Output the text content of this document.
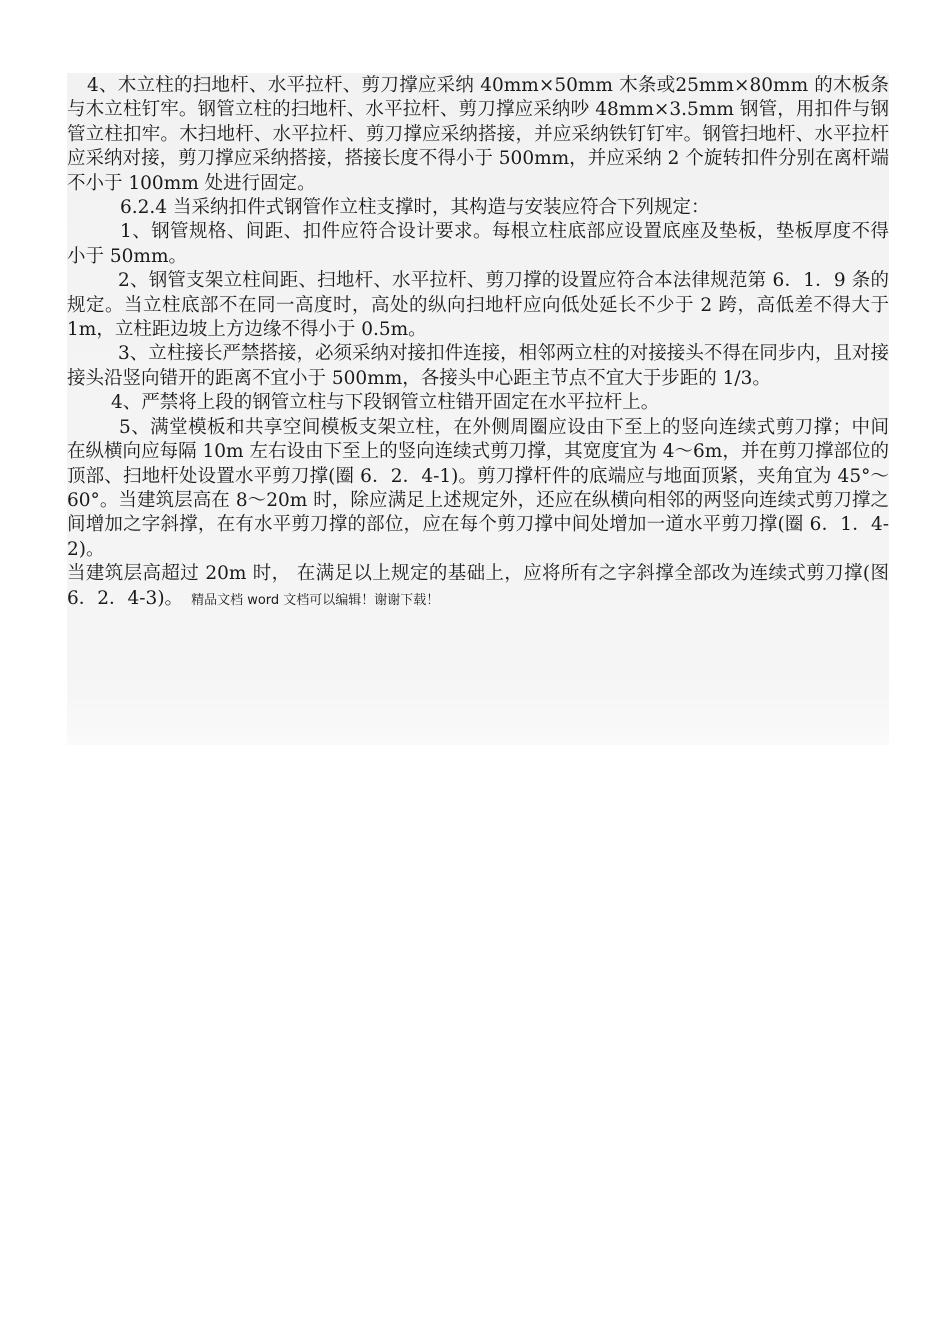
4、木立柱的扫地杆、水平拉杆、剪刀撑应采纳 40mm×50mm 木条或25mm×80mm 的木板条与木立柱钉牢。钢管立柱的扫地杆、水平拉杆、剪刀撑应采纳吵 48mm×3.5mm 钢管，用扣件与钢管立柱扣牢。木扫地杆、水平拉杆、剪刀撑应采纳搭接，并应采纳铁钉钉牢。钢管扫地杆、水平拉杆应采纳对接，剪刀撑应采纳搭接，搭接长度不得小于 500mm，并应采纳 2 个旋转扣件分别在离杆端不小于 100mm 处进行固定。

6.2.4 当采纳扣件式钢管作立柱支撑时，其构造与安装应符合下列规定：

1、钢管规格、间距、扣件应符合设计要求。每根立柱底部应设置底座及垫板，垫板厚度不得小于 50mm。

2、钢管支架立柱间距、扫地杆、水平拉杆、剪刀撑的设置应符合本法律规范第 6．1．9 条的规定。当立柱底部不在同一高度时，高处的纵向扫地杆应向低处延长不少于 2 跨，高低差不得大于 1m，立柱距边坡上方边缘不得小于 0.5m。

3、立柱接长严禁搭接，必须采纳对接扣件连接，相邻两立柱的对接接头不得在同步内，且对接接头沿竖向错开的距离不宜小于 500mm，各接头中心距主节点不宜大于步距的 1/3。

4、严禁将上段的钢管立柱与下段钢管立柱错开固定在水平拉杆上。

5、满堂模板和共享空间模板支架立柱，在外侧周圈应设由下至上的竖向连续式剪刀撑；中间在纵横向应每隔 10m 左右设由下至上的竖向连续式剪刀撑，其宽度宜为 4～6m，并在剪刀撑部位的顶部、扫地杆处设置水平剪刀撑(圈 6．2．4-1)。剪刀撑杆件的底端应与地面顶紧，夹角宜为 45°～60°。当建筑层高在 8～20m 时，除应满足上述规定外，还应在纵横向相邻的两竖向连续式剪刀撑之间增加之字斜撑，在有水平剪刀撑的部位，应在每个剪刀撑中间处增加一道水平剪刀撑(圈 6．1．4-2)。

当建筑层高超过 20m 时， 在满足以上规定的基础上，应将所有之字斜撑全部改为连续式剪刀撑(图 6．2．4-3)。 精品文档 word 文档可以编辑！谢谢下载！
